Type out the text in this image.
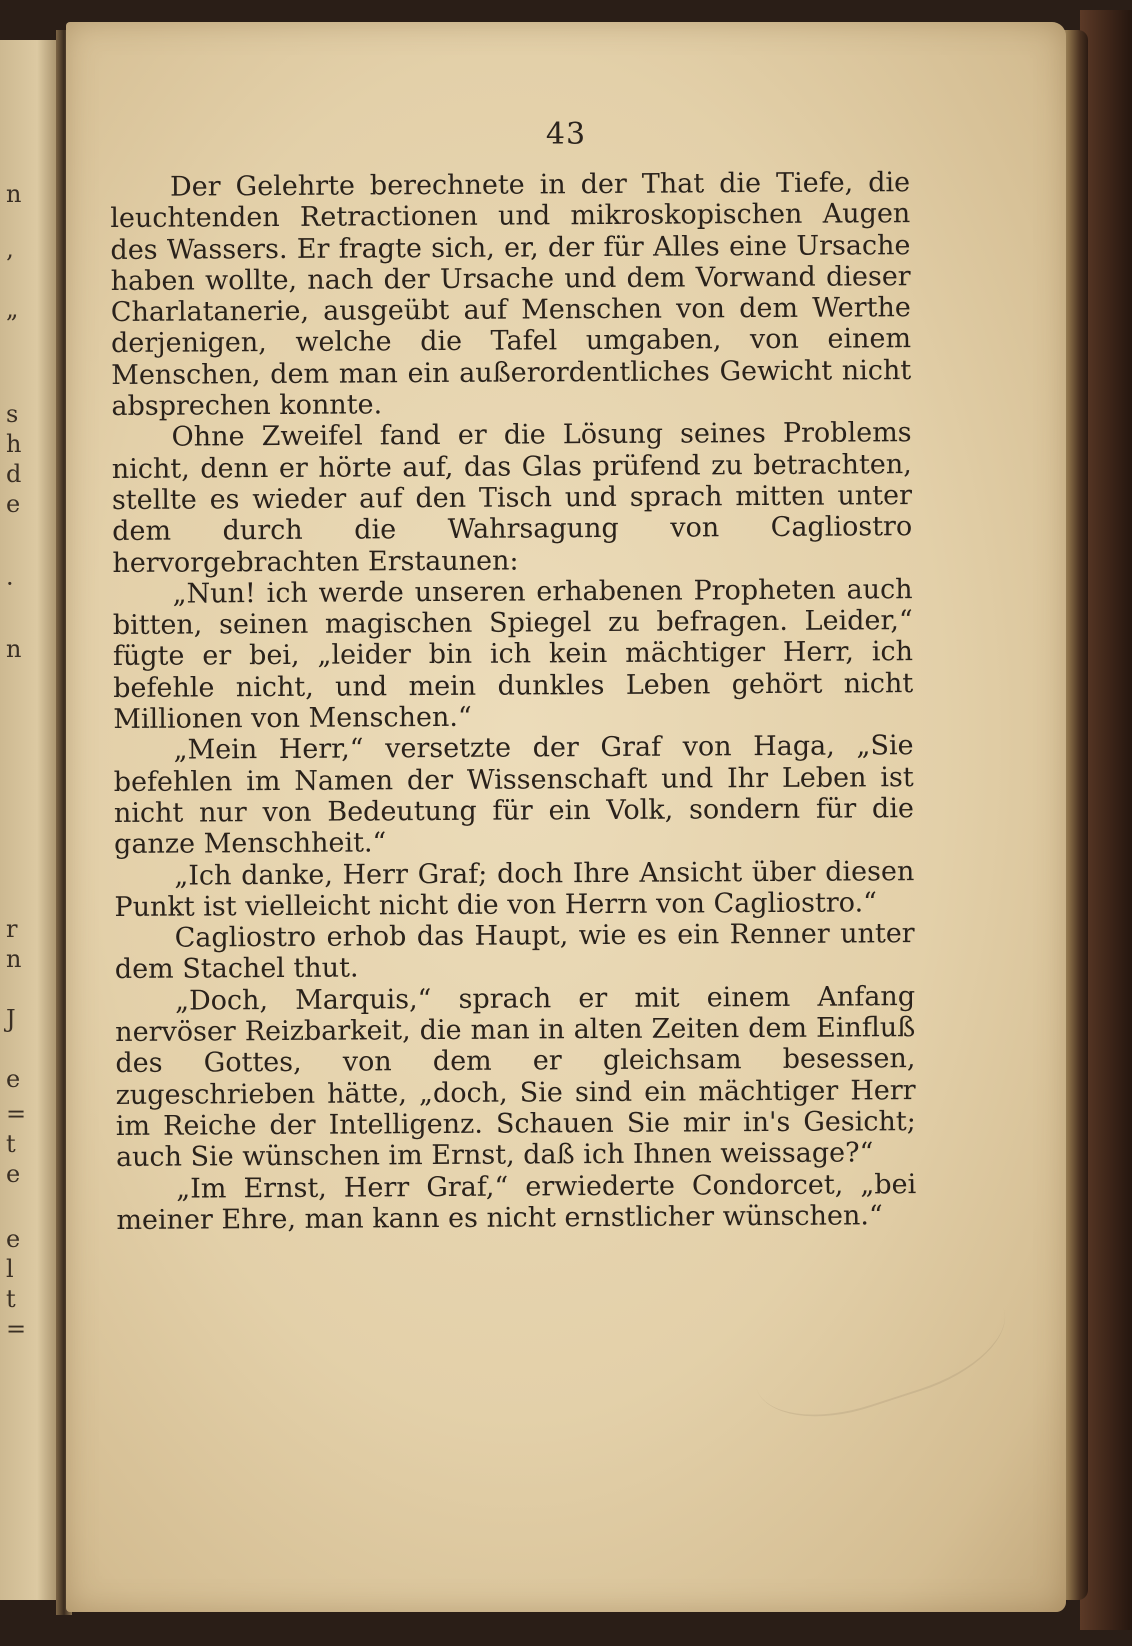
n
‚
„
s
h
d
e
·
n
r
n
J
e
=
t
e
e
l
t
=
43

Der Gelehrte berechnete in der That die Tiefe, die leuchtenden Retractionen und mikroskopischen Augen des Wassers. Er fragte sich, er, der für Alles eine Ursache haben wollte, nach der Ursache und dem Vorwand dieser Charlatanerie, ausgeübt auf Menschen von dem Werthe derjenigen, welche die Tafel umgaben, von einem Menschen, dem man ein außerordentliches Gewicht nicht absprechen konnte.

Ohne Zweifel fand er die Lösung seines Problems nicht, denn er hörte auf, das Glas prüfend zu betrachten, stellte es wieder auf den Tisch und sprach mitten unter dem durch die Wahrsagung von Cagliostro hervorgebrachten Erstaunen:

„Nun! ich werde unseren erhabenen Propheten auch bitten, seinen magischen Spiegel zu befragen. Leider,“ fügte er bei, „leider bin ich kein mächtiger Herr, ich befehle nicht, und mein dunkles Leben gehört nicht Millionen von Menschen.“

„Mein Herr,“ versetzte der Graf von Haga, „Sie befehlen im Namen der Wissenschaft und Ihr Leben ist nicht nur von Bedeutung für ein Volk, sondern für die ganze Menschheit.“

„Ich danke, Herr Graf; doch Ihre Ansicht über diesen Punkt ist vielleicht nicht die von Herrn von Cagliostro.“

Cagliostro erhob das Haupt, wie es ein Renner unter dem Stachel thut.

„Doch, Marquis,“ sprach er mit einem Anfang nervöser Reizbarkeit, die man in alten Zeiten dem Einfluß des Gottes, von dem er gleichsam besessen, zugeschrieben hätte, „doch, Sie sind ein mächtiger Herr im Reiche der Intelligenz. Schauen Sie mir in's Gesicht; auch Sie wünschen im Ernst, daß ich Ihnen weissage?“

„Im Ernst, Herr Graf,“ erwiederte Condorcet, „bei meiner Ehre, man kann es nicht ernstlicher wünschen.“
